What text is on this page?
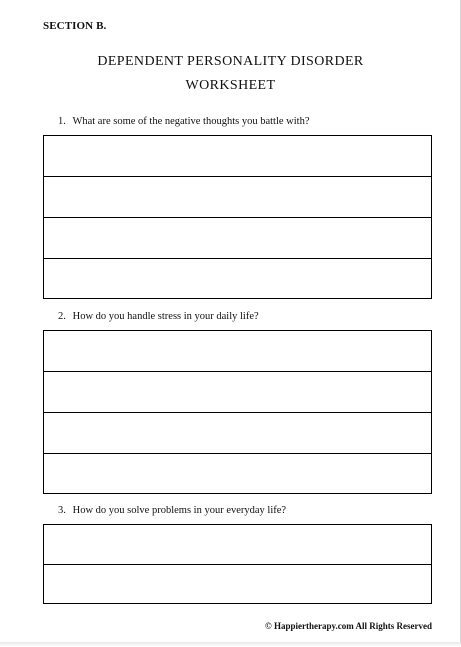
SECTION B.
DEPENDENT PERSONALITY DISORDER
WORKSHEET
1. What are some of the negative thoughts you battle with?
2. How do you handle stress in your daily life?
3. How do you solve problems in your everyday life?
© Happiertherapy.com All Rights Reserved
